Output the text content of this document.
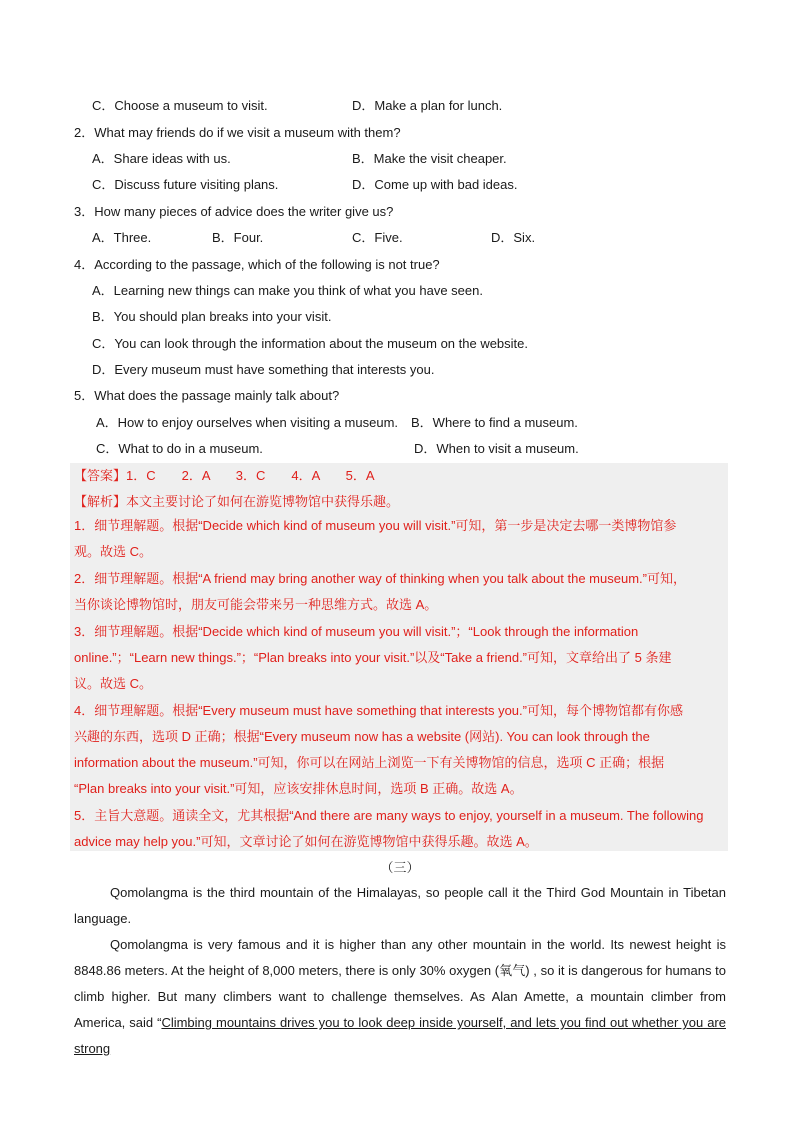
C．Choose a museum to visit.	D．Make a plan for lunch.
2．What may friends do if we visit a museum with them?
A．Share ideas with us.	B．Make the visit cheaper.
C．Discuss future visiting plans.	D．Come up with bad ideas.
3．How many pieces of advice does the writer give us?
A．Three.	B．Four.	C．Five.	D．Six.
4．According to the passage, which of the following is not true?
A．Learning new things can make you think of what you have seen.
B．You should plan breaks into your visit.
C．You can look through the information about the museum on the website.
D．Every museum must have something that interests you.
5．What does the passage mainly talk about?
A．How to enjoy ourselves when visiting a museum. B．Where to find a museum.
C．What to do in a museum.	D．When to visit a museum.
【答案】1．C　　2．A　　3．C　　4．A　　5．A
【解析】本文主要讨论了如何在游览博物馆中获得乐趣。
1．细节理解题。根据“Decide which kind of museum you will visit.”可知，第一步是决定去哪一类博物馆参
观。故选 C。
2．细节理解题。根据“A friend may bring another way of thinking when you talk about the museum.”可知，
当你谈论博物馆时，朋友可能会带来另一种思维方式。故选 A。
3．细节理解题。根据“Decide which kind of museum you will visit.”；“Look through the information
online.”；“Learn new things.”；“Plan breaks into your visit.”以及“Take a friend.”可知，文章给出了 5 条建
议。故选 C。
4．细节理解题。根据“Every museum must have something that interests you.”可知，每个博物馆都有你感
兴趣的东西，选项 D 正确；根据“Every museum now has a website (网站). You can look through the
information about the museum.”可知，你可以在网站上浏览一下有关博物馆的信息，选项 C 正确；根据
“Plan breaks into your visit.”可知，应该安排休息时间，选项 B 正确。故选 A。
5．主旨大意题。通读全文，尤其根据“And there are many ways to enjoy, yourself in a museum. The following
advice may help you.”可知，文章讨论了如何在游览博物馆中获得乐趣。故选 A。
（三）
Qomolangma is the third mountain of the Himalayas, so people call it the Third God Mountain in Tibetan language.
Qomolangma is very famous and it is higher than any other mountain in the world. Its newest height is 8848.86 meters. At the height of 8,000 meters, there is only 30% oxygen (氧气) , so it is dangerous for humans to climb higher. But many climbers want to challenge themselves. As Alan Amette, a mountain climber from America, said “Climbing mountains drives you to look deep inside yourself, and lets you find out whether you are strong
